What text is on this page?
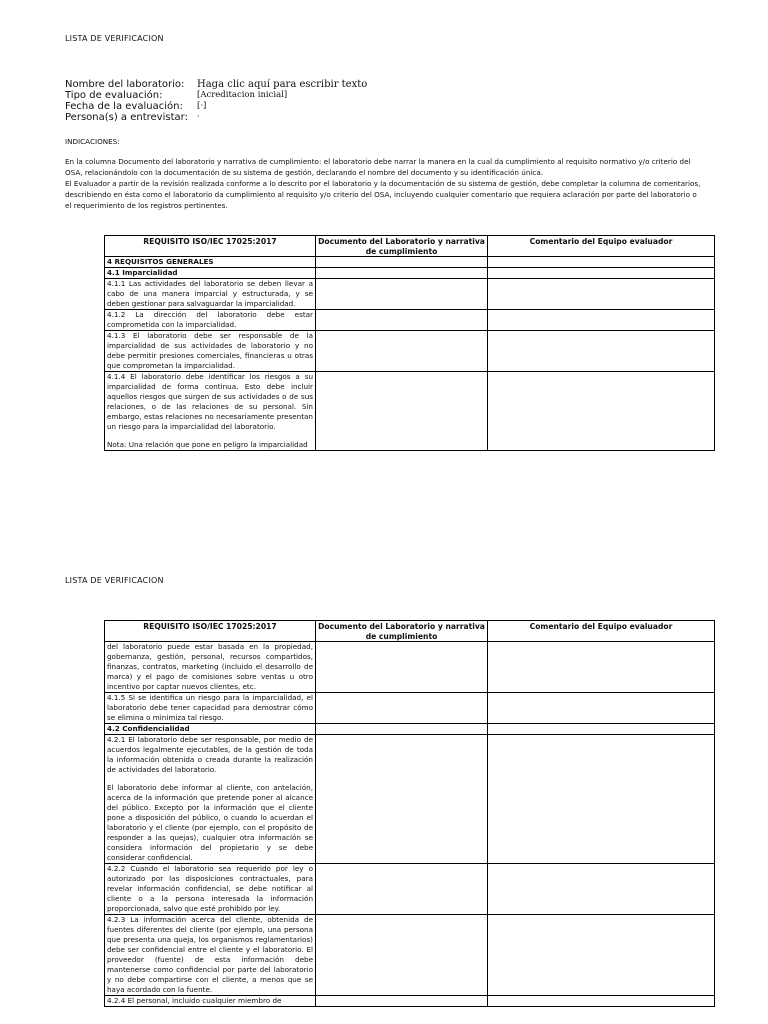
LISTA DE VERIFICACION
Nombre del laboratorio: Haga clic aquí para escribir texto
Tipo de evaluación:	[Acreditacion inicial]
Fecha de la evaluación: [·]
Persona(s) a entrevistar: ·
INDICACIONES:
En la columna Documento del laboratorio y narrativa de cumplimiento: el laboratorio debe narrar la manera en la cual da cumplimiento al requisito normativo y/o criterio del
OSA, relacionándolo con la documentación de su sistema de gestión, declarando el nombre del documento y su identificación única.
El Evaluador a partir de la revisión realizada conforme a lo descrito por el laboratorio y la documentación de su sistema de gestión, debe completar la columna de comentarios,
describiendo en ésta como el laboratorio da cumplimiento al requisito y/o criterio del OSA, incluyendo cualquier comentario que requiera aclaración por parte del laboratorio o
el requerimiento de los registros pertinentes.
REQUISITO ISO/IEC 17025:2017	Documento del Laboratorio y narrativa de cumplimiento	Comentario del Equipo evaluador
4 REQUISITOS GENERALES		
4.1 Imparcialidad		
4.1.1 Las actividades del laboratorio se deben llevar a cabo de una manera imparcial y estructurada, y se deben gestionar para salvaguardar la imparcialidad.		
4.1.2 La dirección del laboratorio debe estar comprometida con la imparcialidad.		
4.1.3 El laboratorio debe ser responsable de la imparcialidad de sus actividades de laboratorio y no debe permitir presiones comerciales, financieras u otras que comprometan la imparcialidad.		

4.1.4 El laboratorio debe identificar los riesgos a su imparcialidad de forma continua. Esto debe incluir aquellos riesgos que surgen de sus actividades o de sus relaciones, o de las relaciones de su personal. Sin embargo, estas relaciones no necesariamente presentan un riesgo para la imparcialidad del laboratorio.
Nota: Una relación que pone en peligro la imparcialidad		

LISTA DE VERIFICACION
REQUISITO ISO/IEC 17025:2017	Documento del Laboratorio y narrativa de cumplimiento	Comentario del Equipo evaluador
del laboratorio puede estar basada en la propiedad, gobernanza, gestión, personal, recursos compartidos, finanzas, contratos, marketing (incluido el desarrollo de marca) y el pago de comisiones sobre ventas u otro incentivo por captar nuevos clientes, etc.		
4.1.5 Si se identifica un riesgo para la imparcialidad, el laboratorio debe tener capacidad para demostrar cómo se elimina o minimiza tal riesgo.		
4.2 Confidencialidad		

4.2.1 El laboratorio debe ser responsable, por medio de acuerdos legalmente ejecutables, de la gestión de toda la información obtenida o creada durante la realización de actividades del laboratorio.
El laboratorio debe informar al cliente, con antelación, acerca de la información que pretende poner al alcance del público. Excepto por la información que el cliente pone a disposición del público, o cuando lo acuerdan el laboratorio y el cliente (por ejemplo, con el propósito de responder a las quejas), cualquier otra información se considera información del propietario y se debe considerar confidencial.		

4.2.2 Cuando el laboratorio sea requerido por ley o autorizado por las disposiciones contractuales, para revelar información confidencial, se debe notificar al cliente o a la persona interesada la información proporcionada, salvo que esté prohibido por ley.		
4.2.3 La información acerca del cliente, obtenida de fuentes diferentes del cliente (por ejemplo, una persona que presenta una queja, los organismos reglamentarios) debe ser confidencial entre el cliente y el laboratorio. El proveedor (fuente) de esta información debe mantenerse como confidencial por parte del laboratorio y no debe compartirse con el cliente, a menos que se haya acordado con la fuente.		
4.2.4 El personal, incluido cualquier miembro de		
